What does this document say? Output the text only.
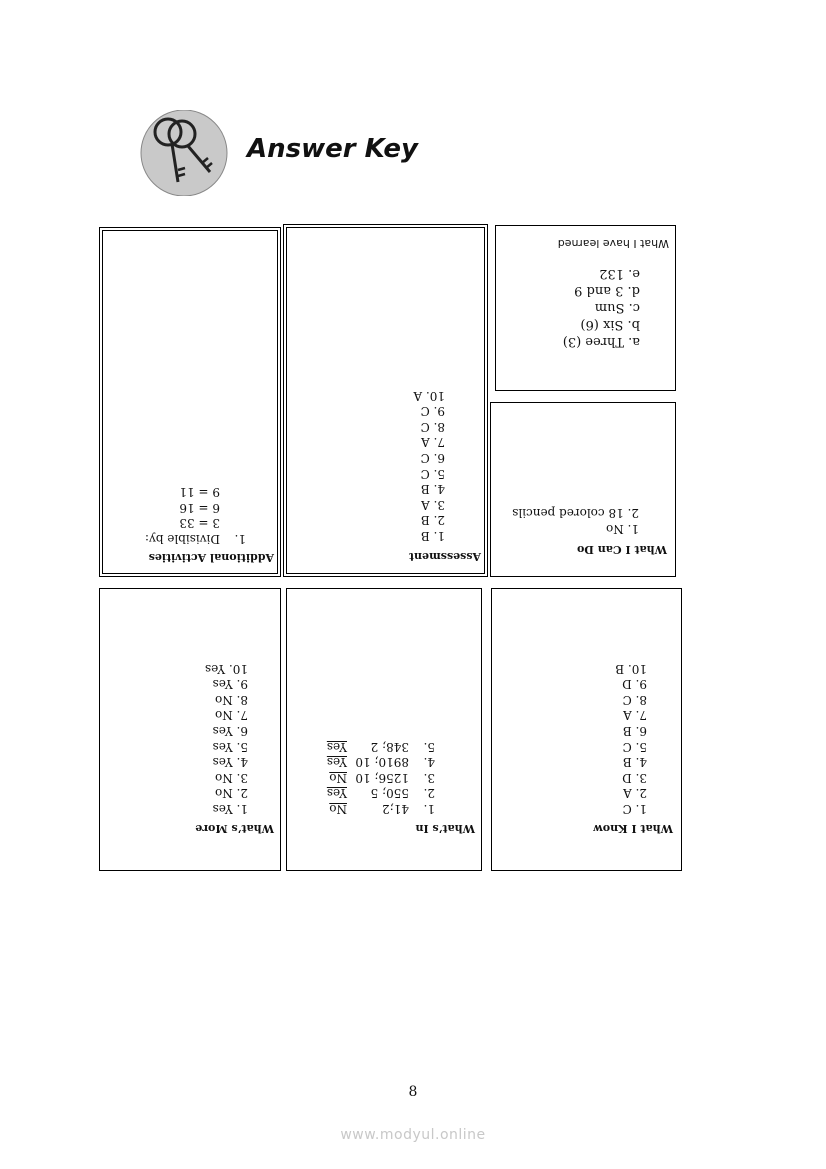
Answer Key
Additional Activities
1.Divisible by:
3 = 33
6 = 16
9 = 11
Assessment
1. B
2. B
3. A
4. B
5. C
6. C
7. A
8. C
9. C
10. A
What I have learned
a. Three (3)
b. Six (6)
c. Sum
d. 3 and 9
e. 132
What I Can Do
1. No
2. 18 colored pencils
What’s More
1. Yes
2. No
3. No
4. Yes
5. Yes
6. Yes
7. No
8. No
9. Yes
10. Yes
What’s In
1.41;2No
2.550; 5Yes
3.1256; 10No
4.8910; 10Yes
5.348; 2Yes
What I Know
1. C
2. A
3. D
4. B
5. C
6. B
7. A
8. C
9. D
10. B
8
www.modyul.online
